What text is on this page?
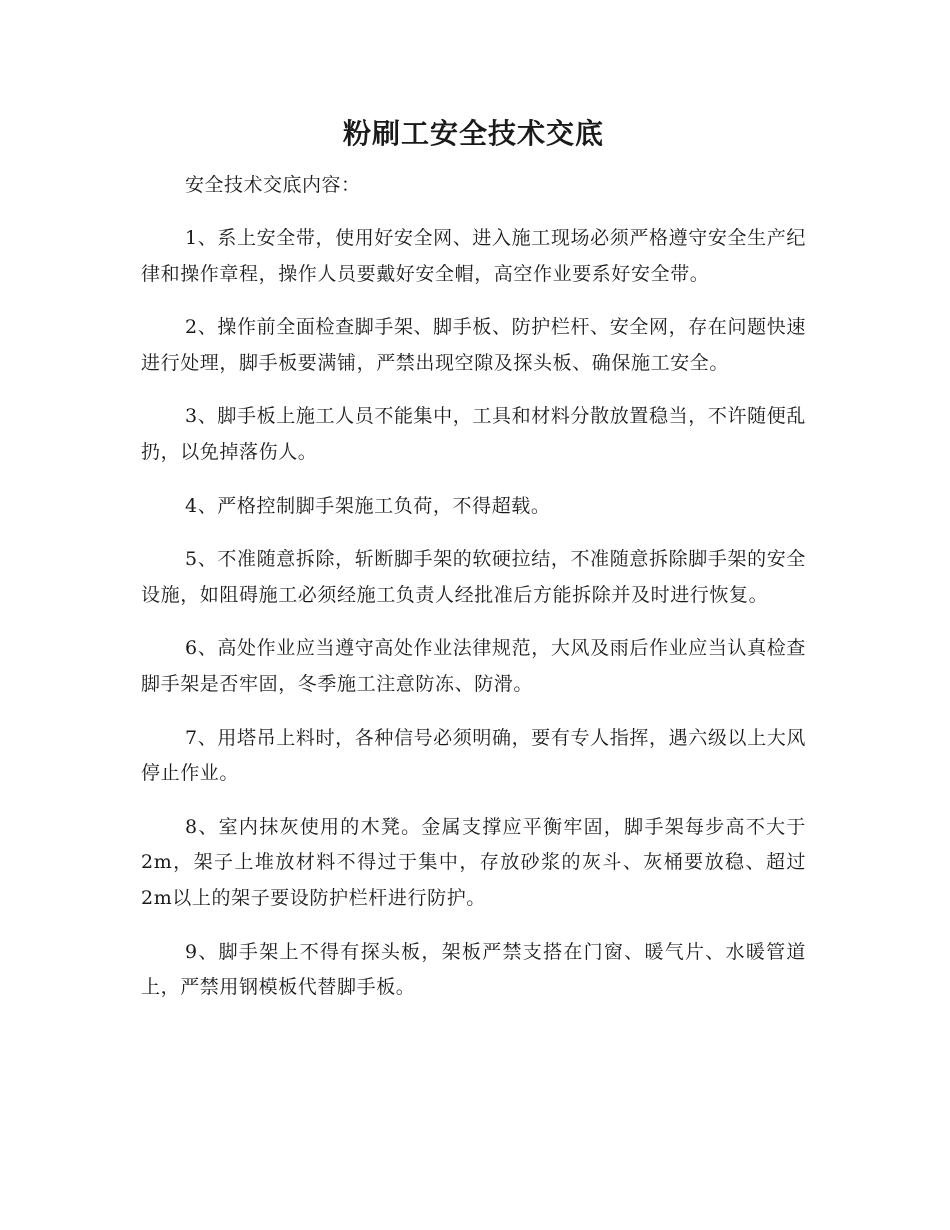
粉刷工安全技术交底

安全技术交底内容：

1、系上安全带，使用好安全网、进入施工现场必须严格遵守安全生产纪律和操作章程，操作人员要戴好安全帽，高空作业要系好安全带。
2、操作前全面检查脚手架、脚手板、防护栏杆、安全网，存在问题快速进行处理，脚手板要满铺，严禁出现空隙及探头板、确保施工安全。
3、脚手板上施工人员不能集中，工具和材料分散放置稳当，不许随便乱扔，以免掉落伤人。
4、严格控制脚手架施工负荷，不得超载。
5、不准随意拆除，斩断脚手架的软硬拉结，不准随意拆除脚手架的安全设施，如阻碍施工必须经施工负责人经批准后方能拆除并及时进行恢复。
6、高处作业应当遵守高处作业法律规范，大风及雨后作业应当认真检查脚手架是否牢固，冬季施工注意防冻、防滑。
7、用塔吊上料时，各种信号必须明确，要有专人指挥，遇六级以上大风停止作业。
8、室内抹灰使用的木凳。金属支撑应平衡牢固，脚手架每步高不大于2m，架子上堆放材料不得过于集中，存放砂浆的灰斗、灰桶要放稳、超过2m以上的架子要设防护栏杆进行防护。
9、脚手架上不得有探头板，架板严禁支搭在门窗、暖气片、水暖管道上，严禁用钢模板代替脚手板。
